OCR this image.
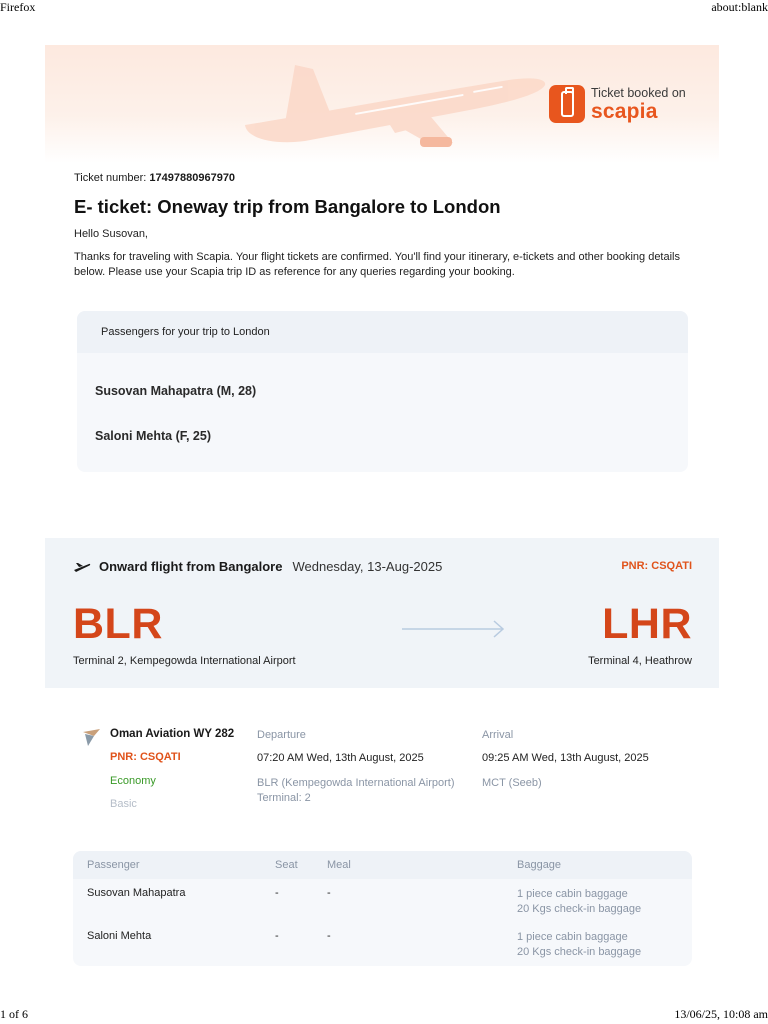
Firefox	about:blank
Ticket booked on
scapia
Ticket number: 17497880967970
E- ticket: Oneway trip from Bangalore to London
Hello Susovan,
Thanks for traveling with Scapia. Your flight tickets are confirmed. You'll find your itinerary, e-tickets and other booking details below. Please use your Scapia trip ID as reference for any queries regarding your booking.
Passengers for your trip to London
Susovan Mahapatra (M, 28)
Saloni Mehta (F, 25)
Onward flight from Bangalore Wednesday, 13-Aug-2025	PNR: CSQATI
BLR	LHR
Terminal 2, Kempegowda International Airport	Terminal 4, Heathrow
Oman Aviation WY 282
PNR: CSQATI
Economy
Basic
Departure
07:20 AM Wed, 13th August, 2025
BLR (Kempegowda International Airport) Terminal: 2
Arrival
09:25 AM Wed, 13th August, 2025
MCT (Seeb)
Passenger	Seat	Meal	Baggage
Susovan Mahapatra	-	-	1 piece cabin baggage
20 Kgs check-in baggage
Saloni Mehta	-	-	1 piece cabin baggage
20 Kgs check-in baggage
1 of 6	13/06/25, 10:08 am
